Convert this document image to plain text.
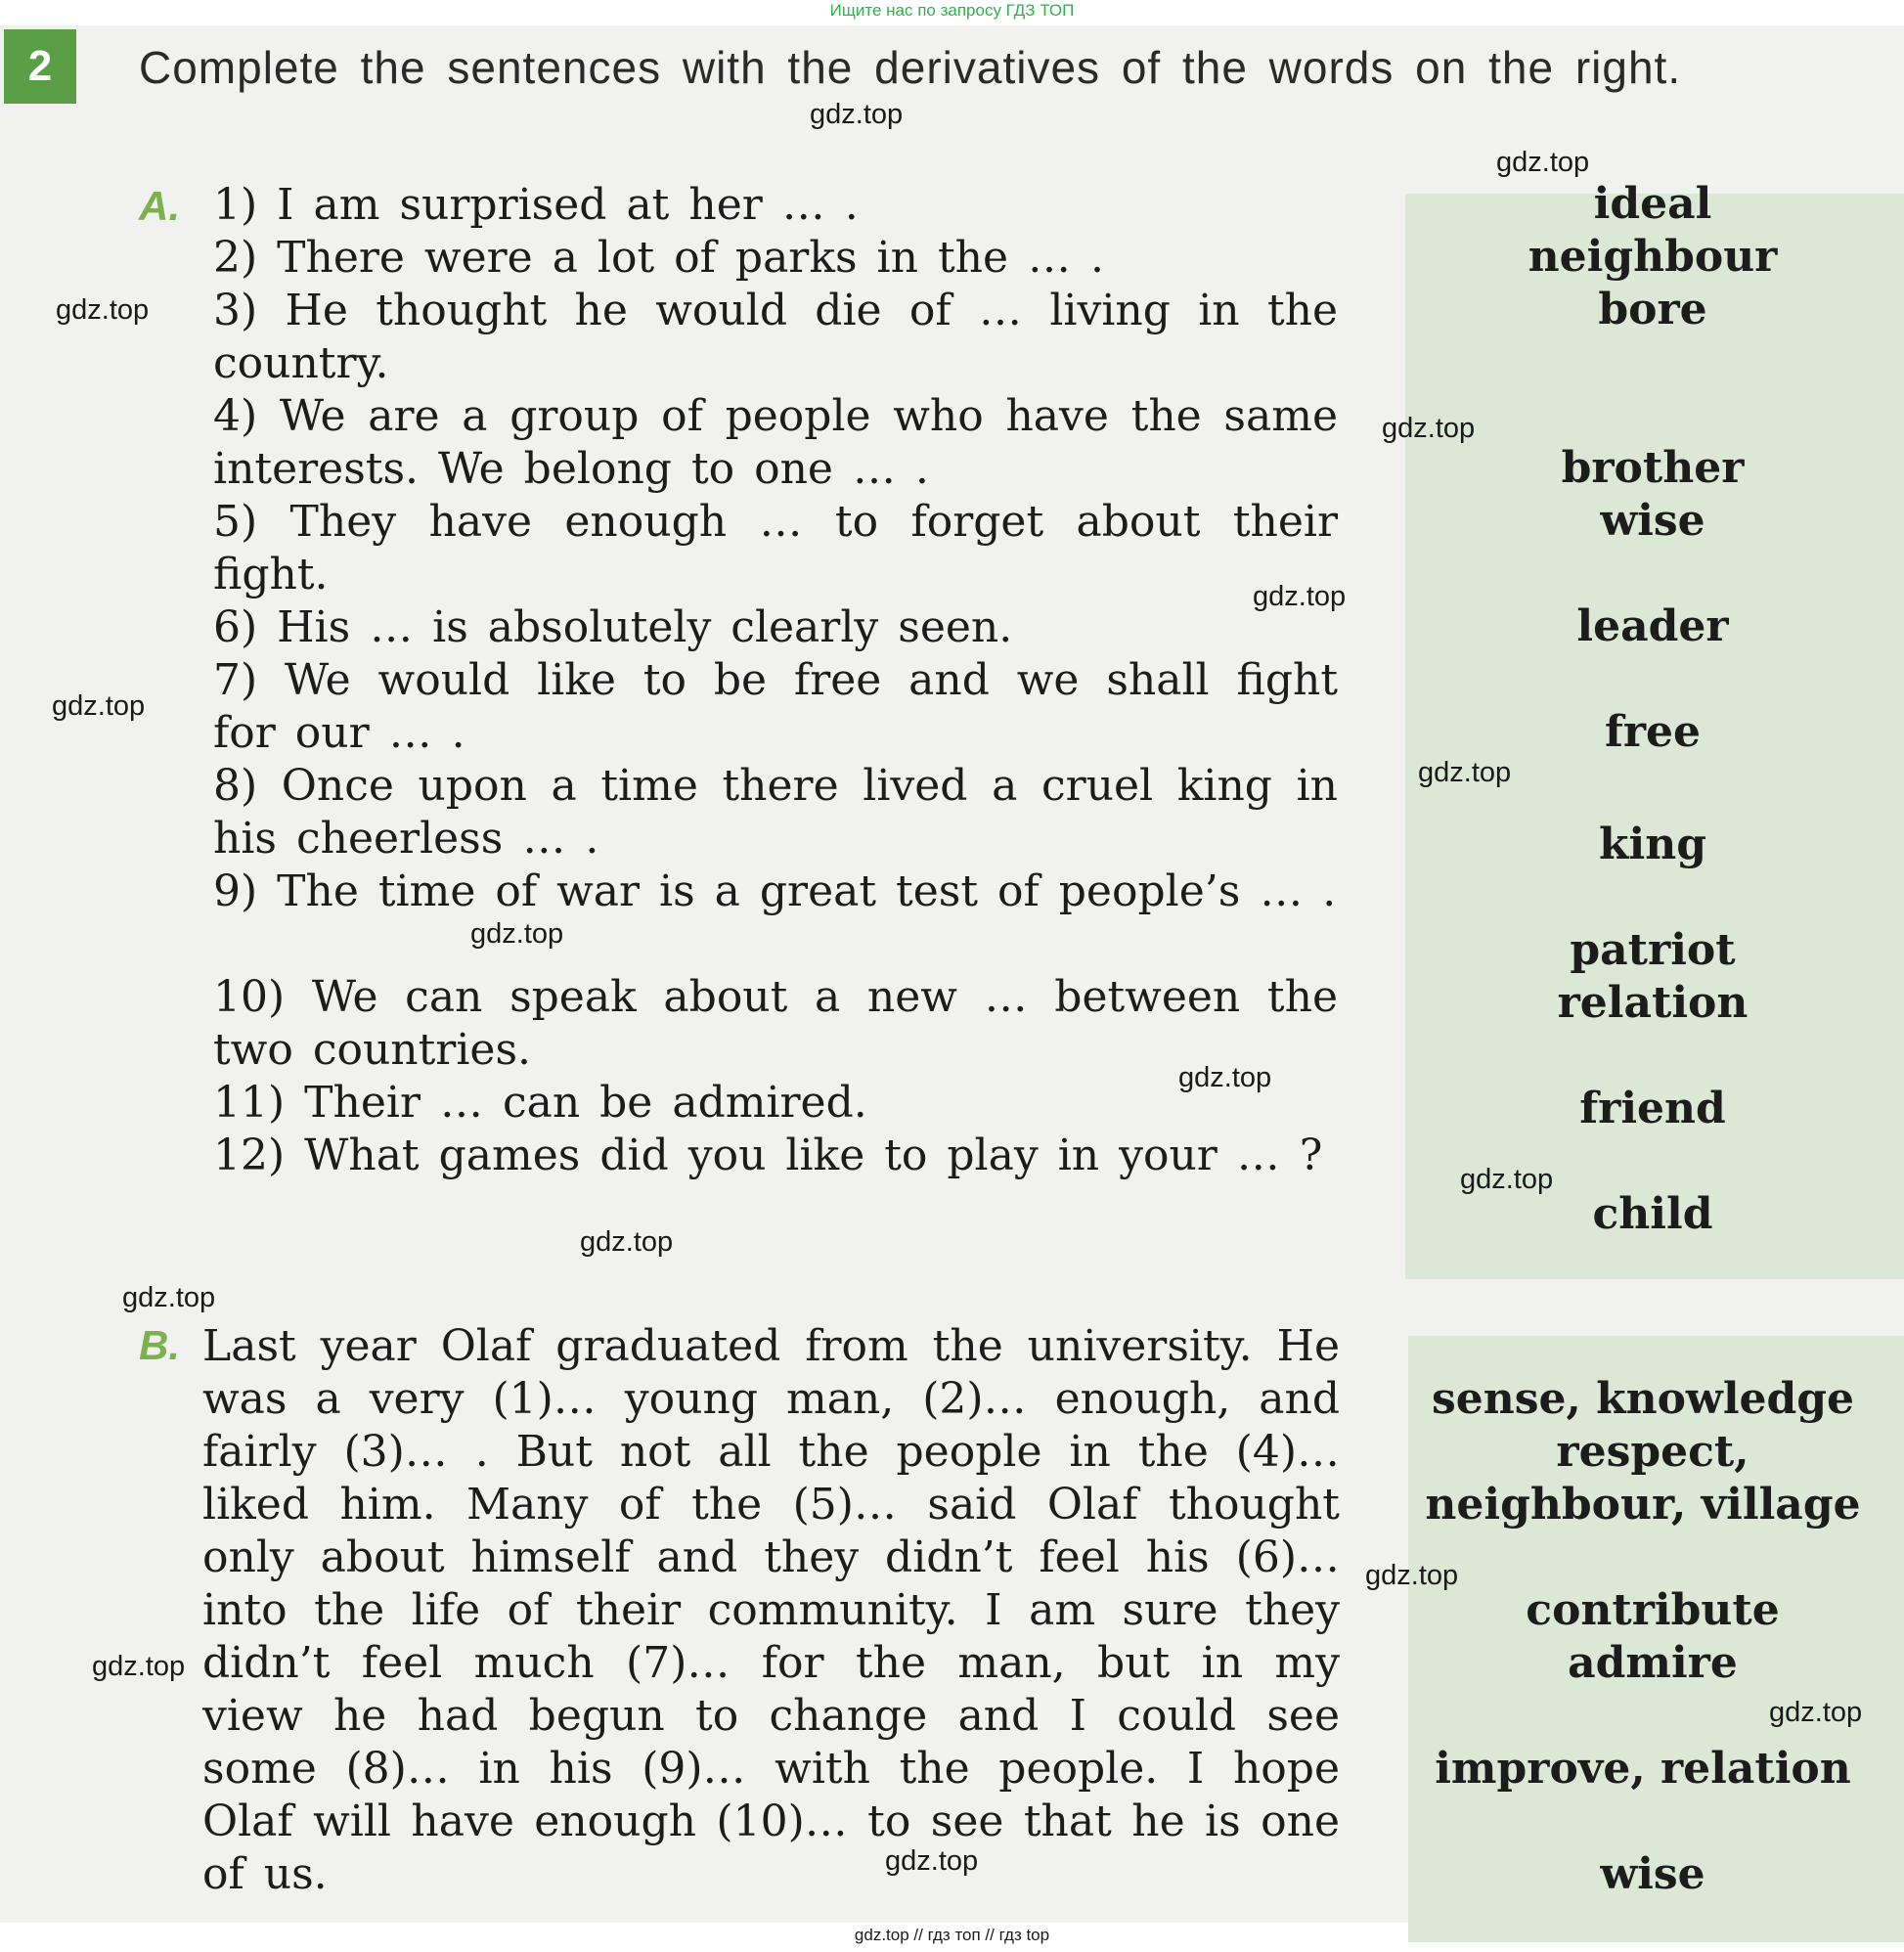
Ищите нас по запросу ГДЗ ТОП
2	Complete the sentences with the derivatives of the words on the right.
A. 1) I am surprised at her … .
2) There were a lot of parks in the … .
3) He thought he would die of … living in the country.
4) We are a group of people who have the same interests. We belong to one … .
5) They have enough … to forget about their fight.
6) His … is absolutely clearly seen.
7) We would like to be free and we shall fight for our … .
8) Once upon a time there lived a cruel king in his cheerless … .
9) The time of war is a great test of people’s … .
10) We can speak about a new … between the two countries.
11) Their … can be admired.
12) What games did you like to play in your … ?
ideal
neighbour
bore
brother
wise
leader
free
king
patriot
relation
friend
child
B. Last year Olaf graduated from the university. He was a very (1)… young man, (2)… enough, and fairly (3)… . But not all the people in the (4)… liked him. Many of the (5)… said Olaf thought only about himself and they didn’t feel his (6)… into the life of their community. I am sure they didn’t feel much (7)… for the man, but in my view he had begun to change and I could see some (8)… in his (9)… with the people. I hope Olaf will have enough (10)… to see that he is one of us.
sense, knowledge
respect,
neighbour, village
contribute
admire
improve, relation
wise
gdz.top
gdz.top
gdz.top
gdz.top
gdz.top
gdz.top
gdz.top
gdz.top
gdz.top
gdz.top
gdz.top
gdz.top
gdz.top
gdz.top
gdz.top
gdz.top
gdz.top // гдз топ // гдз top
